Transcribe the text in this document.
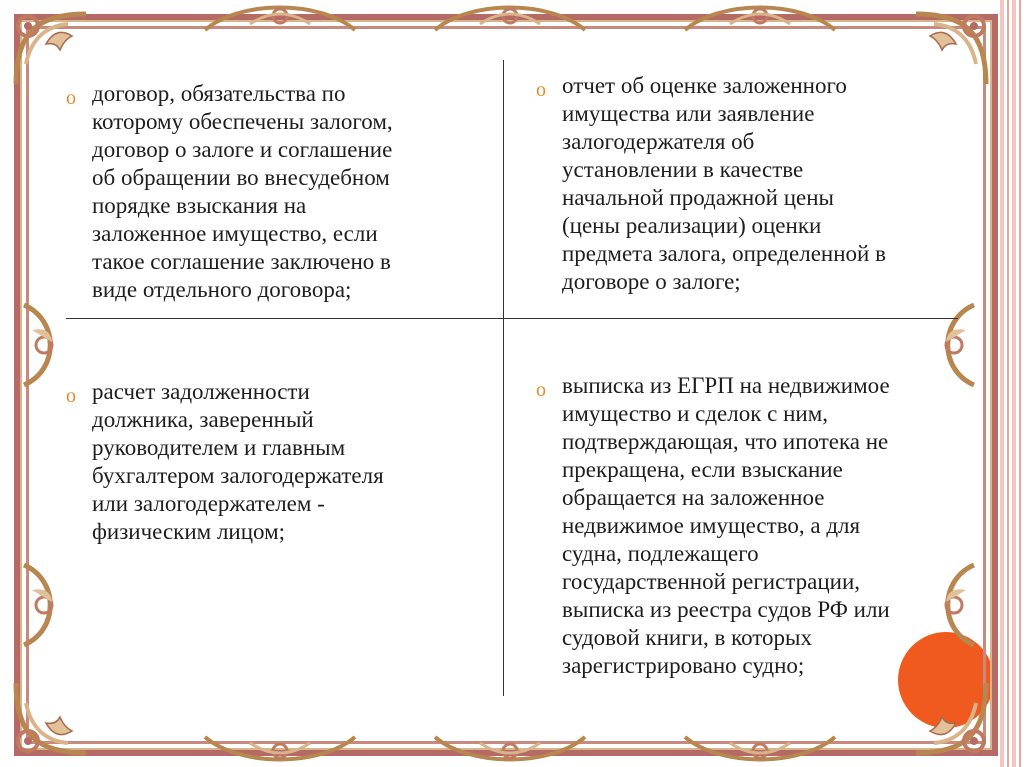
o договор, обязательства по
которому обеспечены залогом,
договор о залоге и соглашение
об обращении во внесудебном
порядке взыскания на
заложенное имущество, если
такое соглашение заключено в
виде отдельного договора;
o отчет об оценке заложенного
имущества или заявление
залогодержателя об
установлении в качестве
начальной продажной цены
(цены реализации) оценки
предмета залога, определенной в
договоре о залоге;
o расчет задолженности
должника, заверенный
руководителем и главным
бухгалтером залогодержателя
или залогодержателем -
физическим лицом;
o выписка из ЕГРП на недвижимое
имущество и сделок с ним,
подтверждающая, что ипотека не
прекращена, если взыскание
обращается на заложенное
недвижимое имущество, а для
судна, подлежащего
государственной регистрации,
выписка из реестра судов РФ или
судовой книги, в которых
зарегистрировано судно;
